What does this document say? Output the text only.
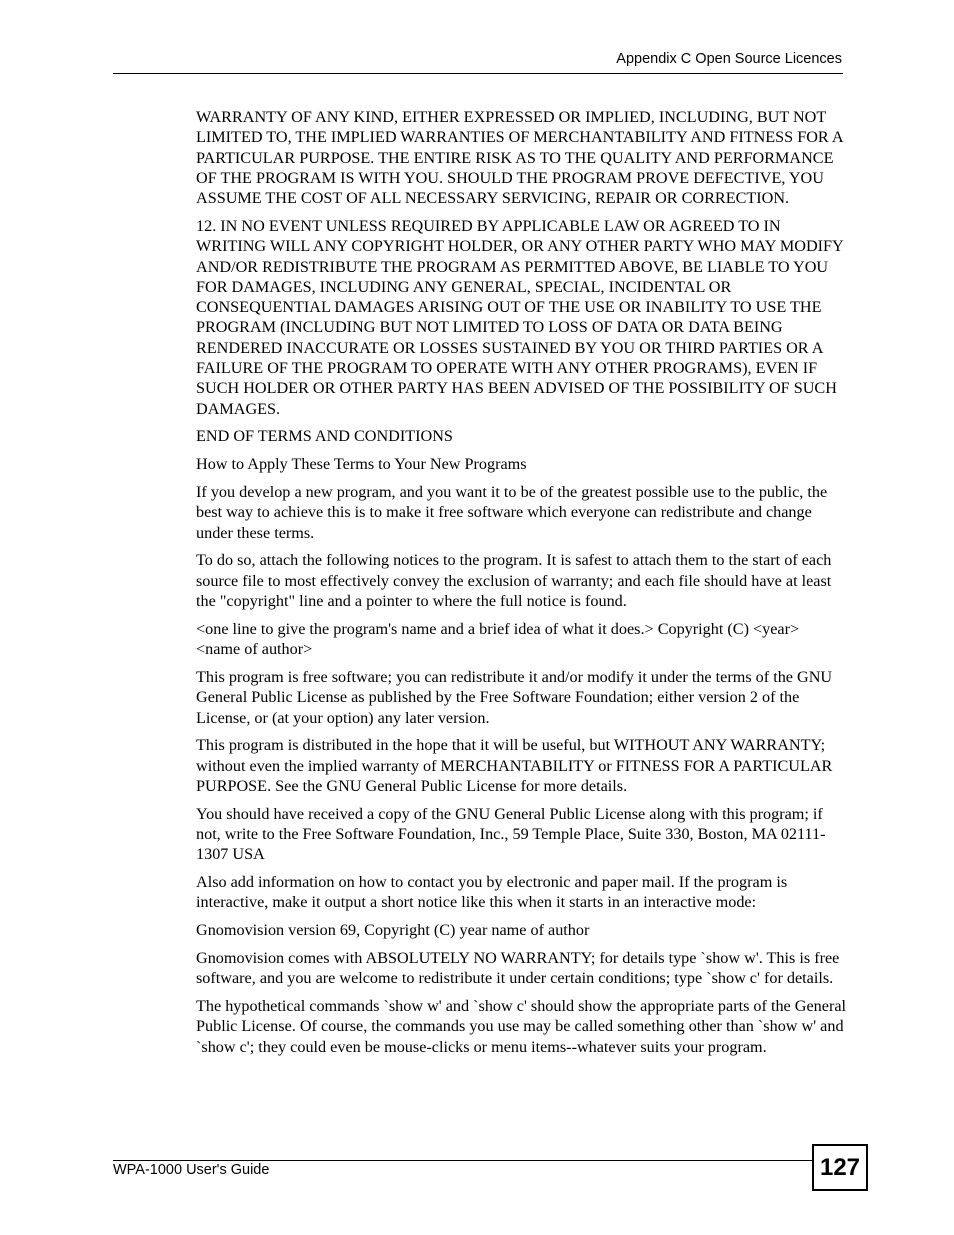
Appendix C Open Source Licences

WARRANTY OF ANY KIND, EITHER EXPRESSED OR IMPLIED, INCLUDING, BUT NOT LIMITED TO, THE IMPLIED WARRANTIES OF MERCHANTABILITY AND FITNESS FOR A PARTICULAR PURPOSE. THE ENTIRE RISK AS TO THE QUALITY AND PERFORMANCE OF THE PROGRAM IS WITH YOU. SHOULD THE PROGRAM PROVE DEFECTIVE, YOU ASSUME THE COST OF ALL NECESSARY SERVICING, REPAIR OR CORRECTION.

12. IN NO EVENT UNLESS REQUIRED BY APPLICABLE LAW OR AGREED TO IN WRITING WILL ANY COPYRIGHT HOLDER, OR ANY OTHER PARTY WHO MAY MODIFY AND/OR REDISTRIBUTE THE PROGRAM AS PERMITTED ABOVE, BE LIABLE TO YOU FOR DAMAGES, INCLUDING ANY GENERAL, SPECIAL, INCIDENTAL OR CONSEQUENTIAL DAMAGES ARISING OUT OF THE USE OR INABILITY TO USE THE PROGRAM (INCLUDING BUT NOT LIMITED TO LOSS OF DATA OR DATA BEING RENDERED INACCURATE OR LOSSES SUSTAINED BY YOU OR THIRD PARTIES OR A FAILURE OF THE PROGRAM TO OPERATE WITH ANY OTHER PROGRAMS), EVEN IF SUCH HOLDER OR OTHER PARTY HAS BEEN ADVISED OF THE POSSIBILITY OF SUCH DAMAGES.

END OF TERMS AND CONDITIONS

How to Apply These Terms to Your New Programs

If you develop a new program, and you want it to be of the greatest possible use to the public, the best way to achieve this is to make it free software which everyone can redistribute and change under these terms.

To do so, attach the following notices to the program. It is safest to attach them to the start of each source file to most effectively convey the exclusion of warranty; and each file should have at least the "copyright" line and a pointer to where the full notice is found.

<one line to give the program's name and a brief idea of what it does.> Copyright (C) <year> <name of author>

This program is free software; you can redistribute it and/or modify it under the terms of the GNU General Public License as published by the Free Software Foundation; either version 2 of the License, or (at your option) any later version.

This program is distributed in the hope that it will be useful, but WITHOUT ANY WARRANTY; without even the implied warranty of MERCHANTABILITY or FITNESS FOR A PARTICULAR PURPOSE. See the GNU General Public License for more details.

You should have received a copy of the GNU General Public License along with this program; if not, write to the Free Software Foundation, Inc., 59 Temple Place, Suite 330, Boston, MA 02111-1307 USA

Also add information on how to contact you by electronic and paper mail. If the program is interactive, make it output a short notice like this when it starts in an interactive mode:

Gnomovision version 69, Copyright (C) year name of author

Gnomovision comes with ABSOLUTELY NO WARRANTY; for details type `show w'. This is free software, and you are welcome to redistribute it under certain conditions; type `show c' for details.

The hypothetical commands `show w' and `show c' should show the appropriate parts of the General Public License. Of course, the commands you use may be called something other than `show w' and `show c'; they could even be mouse-clicks or menu items--whatever suits your program.

WPA-1000 User's Guide	127
